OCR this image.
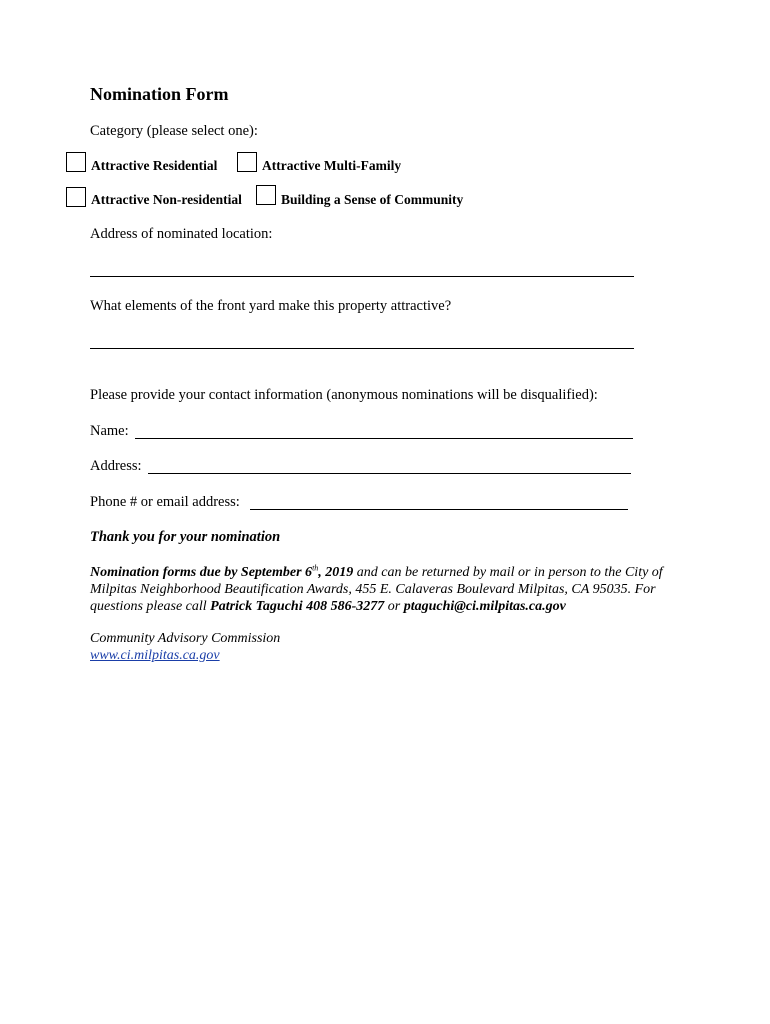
Nomination Form
Category (please select one):
Attractive Residential	Attractive Multi-Family
Attractive Non-residential	Building a Sense of Community
Address of nominated location:
What elements of the front yard make this property attractive?
Please provide your contact information (anonymous nominations will be disqualified):
Name:
Address:
Phone # or email address:
Thank you for your nomination
Nomination forms due by September 6th, 2019 and can be returned by mail or in person to the City of Milpitas Neighborhood Beautification Awards, 455 E. Calaveras Boulevard Milpitas, CA 95035. For questions please call Patrick Taguchi 408 586-3277 or ptaguchi@ci.milpitas.ca.gov
Community Advisory Commission
www.ci.milpitas.ca.gov
